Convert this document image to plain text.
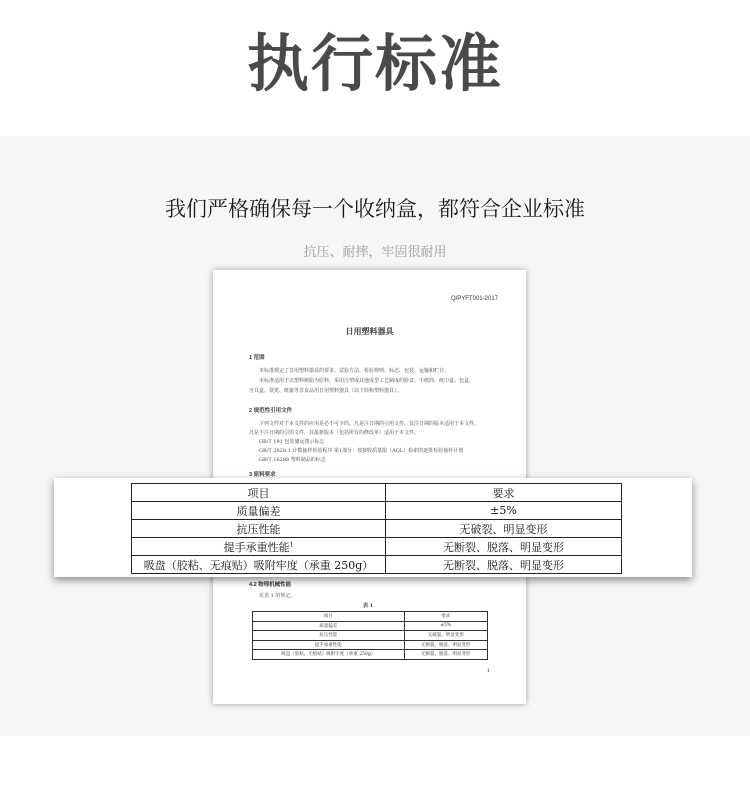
执行标准
我们严格确保每一个收纳盒，都符合企业标准
抗压、耐摔，牢固很耐用
Q/PYFT001-2017
日用塑料器具
1 范围
本标准规定了日用塑料器具的要求、试验方法、检验规则、标志、包装、运输和贮存。
本标准适用于以塑料树脂为原料，采用注塑成其他成型工艺制成的脸盆、手纸筒、纸巾盒、包盒、
牙具盒、筷笼、纸篓等非食品用日用塑料器具（以下简称塑料器具）。
2 规范性引用文件
下列文件对于本文件的应用是必不可少的。凡是注日期的引用文件，仅注日期的版本适用于本文件。
凡是不注日期的引用文件，其最新版本（包括所有的修改单）适用于本文件。
GB/T 191 包装储运图示标志
GB/T 2828.1 计数抽样检验程序 第1部分：按接收质量限（AQL）检索的逐批检验抽样计划
GB/T 16288 塑料制品的标志
3 原料要求
4.2 物理机械性能
见表 1 的规定。
表 1
项目	要求
质量偏差	±5%
抗压性能	无破裂、明显变形
提手承重性能	无断裂、脱落、明显变形
吸盘（胶粘、无痕贴）吸附牢度（承重 250g）	无断裂、脱落、明显变形
1
项目	要求
质量偏差	±5%
抗压性能	无破裂、明显变形
提手承重性能$^1$	无断裂、脱落、明显变形
吸盘（胶粘、无痕贴）吸附牢度（承重 250g）	无断裂、脱落、明显变形
